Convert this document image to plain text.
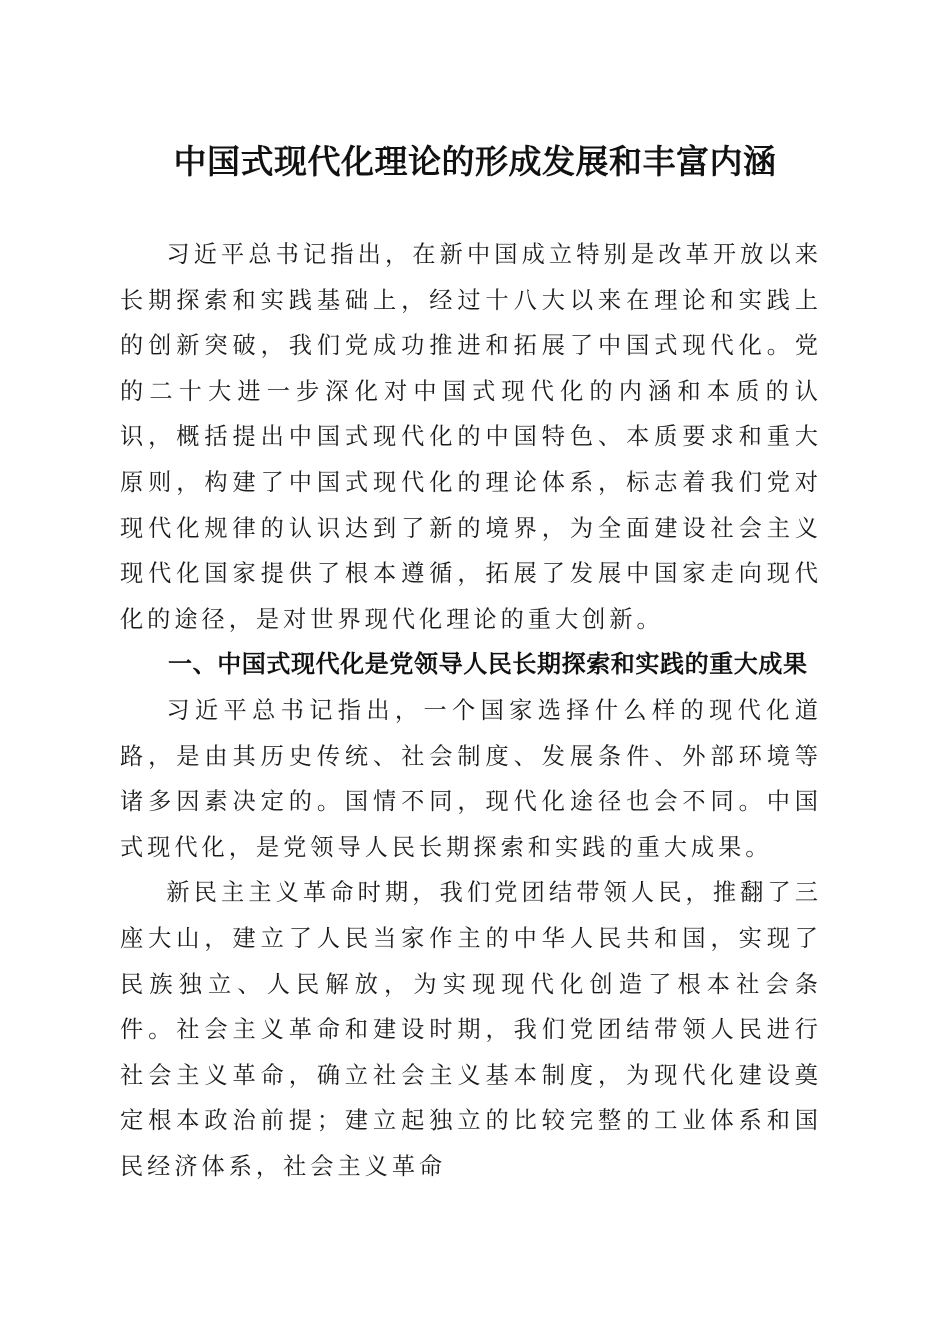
中国式现代化理论的形成发展和丰富内涵

习近平总书记指出，在新中国成立特别是改革开放以来长期探索和实践基础上，经过十八大以来在理论和实践上的创新突破，我们党成功推进和拓展了中国式现代化。党的二十大进一步深化对中国式现代化的内涵和本质的认识，概括提出中国式现代化的中国特色、本质要求和重大原则，构建了中国式现代化的理论体系，标志着我们党对现代化规律的认识达到了新的境界，为全面建设社会主义现代化国家提供了根本遵循，拓展了发展中国家走向现代化的途径，是对世界现代化理论的重大创新。

一、中国式现代化是党领导人民长期探索和实践的重大成果

习近平总书记指出，一个国家选择什么样的现代化道路，是由其历史传统、社会制度、发展条件、外部环境等诸多因素决定的。国情不同，现代化途径也会不同。中国式现代化，是党领导人民长期探索和实践的重大成果。

新民主主义革命时期，我们党团结带领人民，推翻了三座大山，建立了人民当家作主的中华人民共和国，实现了民族独立、人民解放，为实现现代化创造了根本社会条件。社会主义革命和建设时期，我们党团结带领人民进行社会主义革命，确立社会主义基本制度，为现代化建设奠定根本政治前提；建立起独立的比较完整的工业体系和国民经济体系，社会主义革命
